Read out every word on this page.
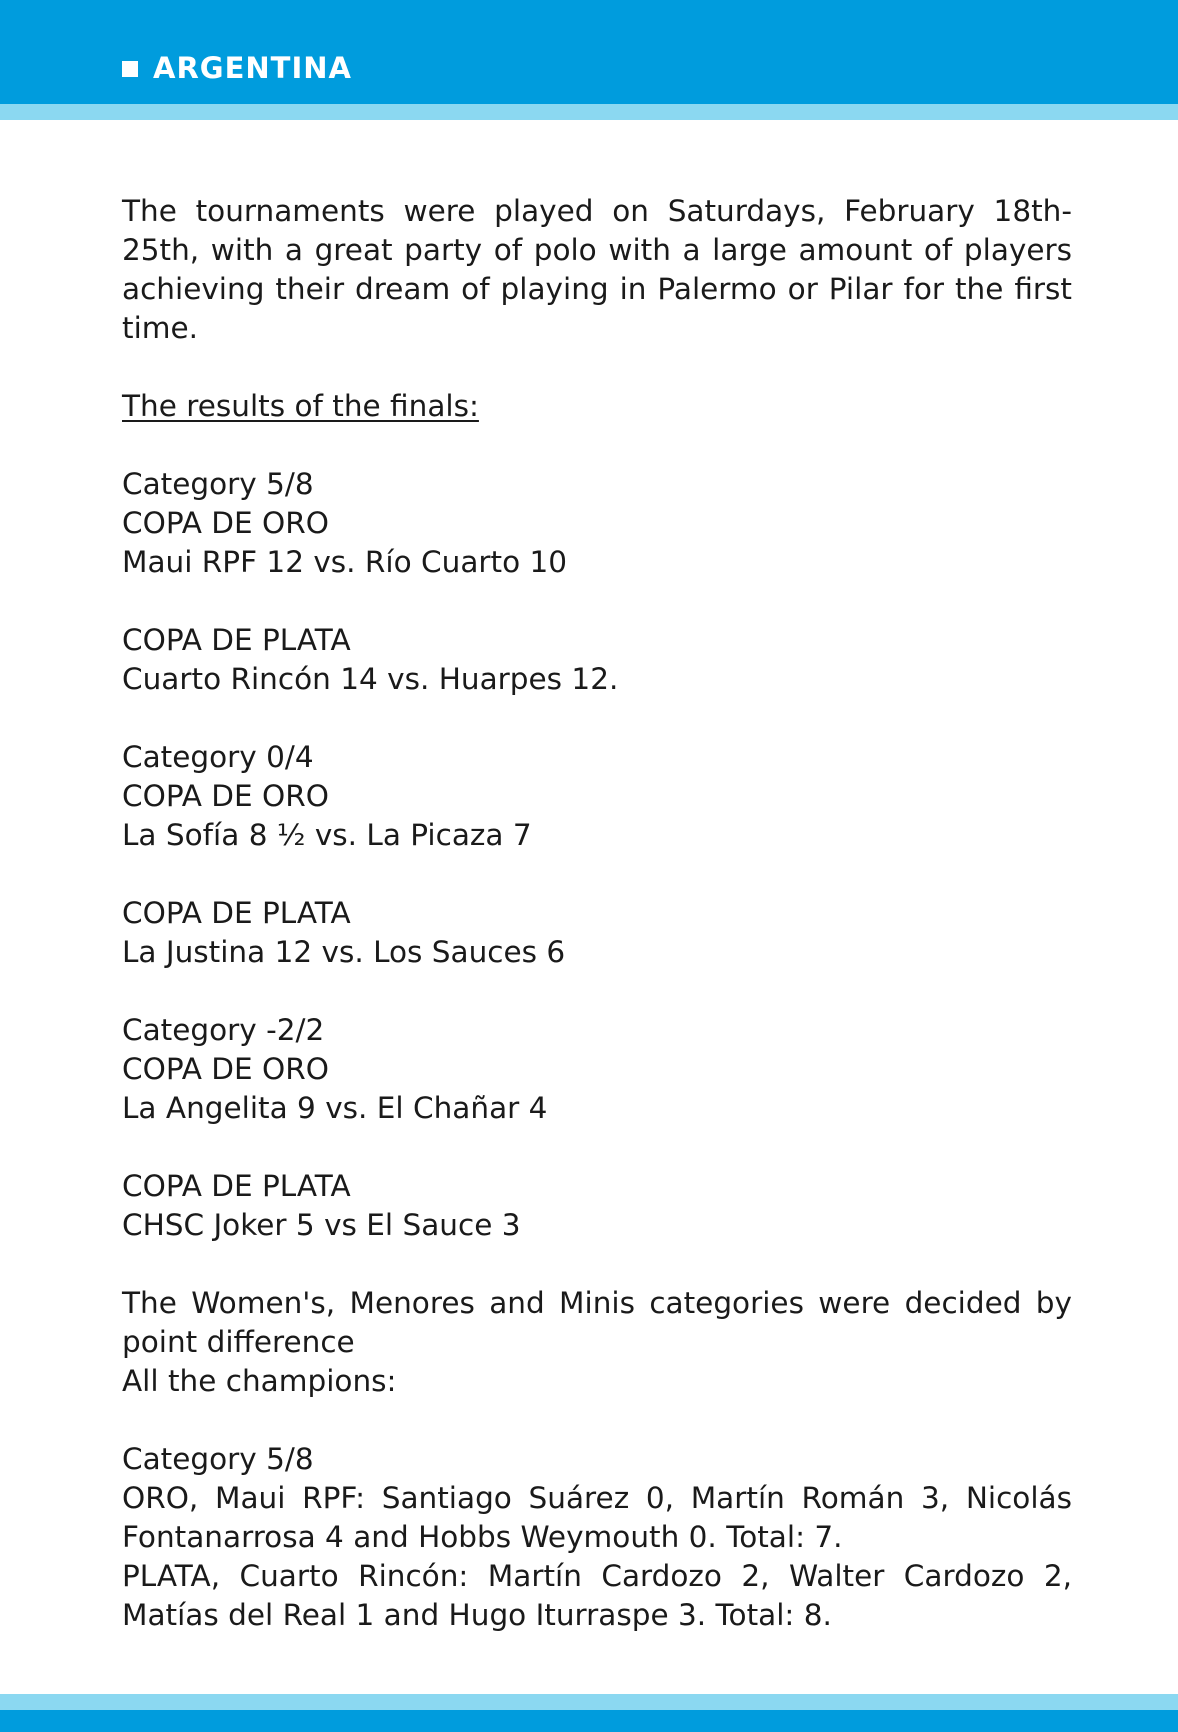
ARGENTINA

The tournaments were played on Saturdays, February 18th-25th, with a great party of polo with a large amount of players achieving their dream of playing in Palermo or Pilar for the first time.

The results of the finals:

Category 5/8

COPA DE ORO

Maui RPF 12 vs. Río Cuarto 10

COPA DE PLATA

Cuarto Rincón 14 vs. Huarpes 12.

Category 0/4

COPA DE ORO

La Sofía 8 ½ vs. La Picaza 7

COPA DE PLATA

La Justina 12 vs. Los Sauces 6

Category -2/2

COPA DE ORO

La Angelita 9 vs. El Chañar 4

COPA DE PLATA

CHSC Joker 5 vs El Sauce 3

The Women's, Menores and Minis categories were decided by point difference

All the champions:

Category 5/8

ORO, Maui RPF: Santiago Suárez 0, Martín Román 3, Nicolás Fontanarrosa 4 and Hobbs Weymouth 0. Total: 7.

PLATA, Cuarto Rincón: Martín Cardozo 2, Walter Cardozo 2, Matías del Real 1 and Hugo Iturraspe 3. Total: 8.
